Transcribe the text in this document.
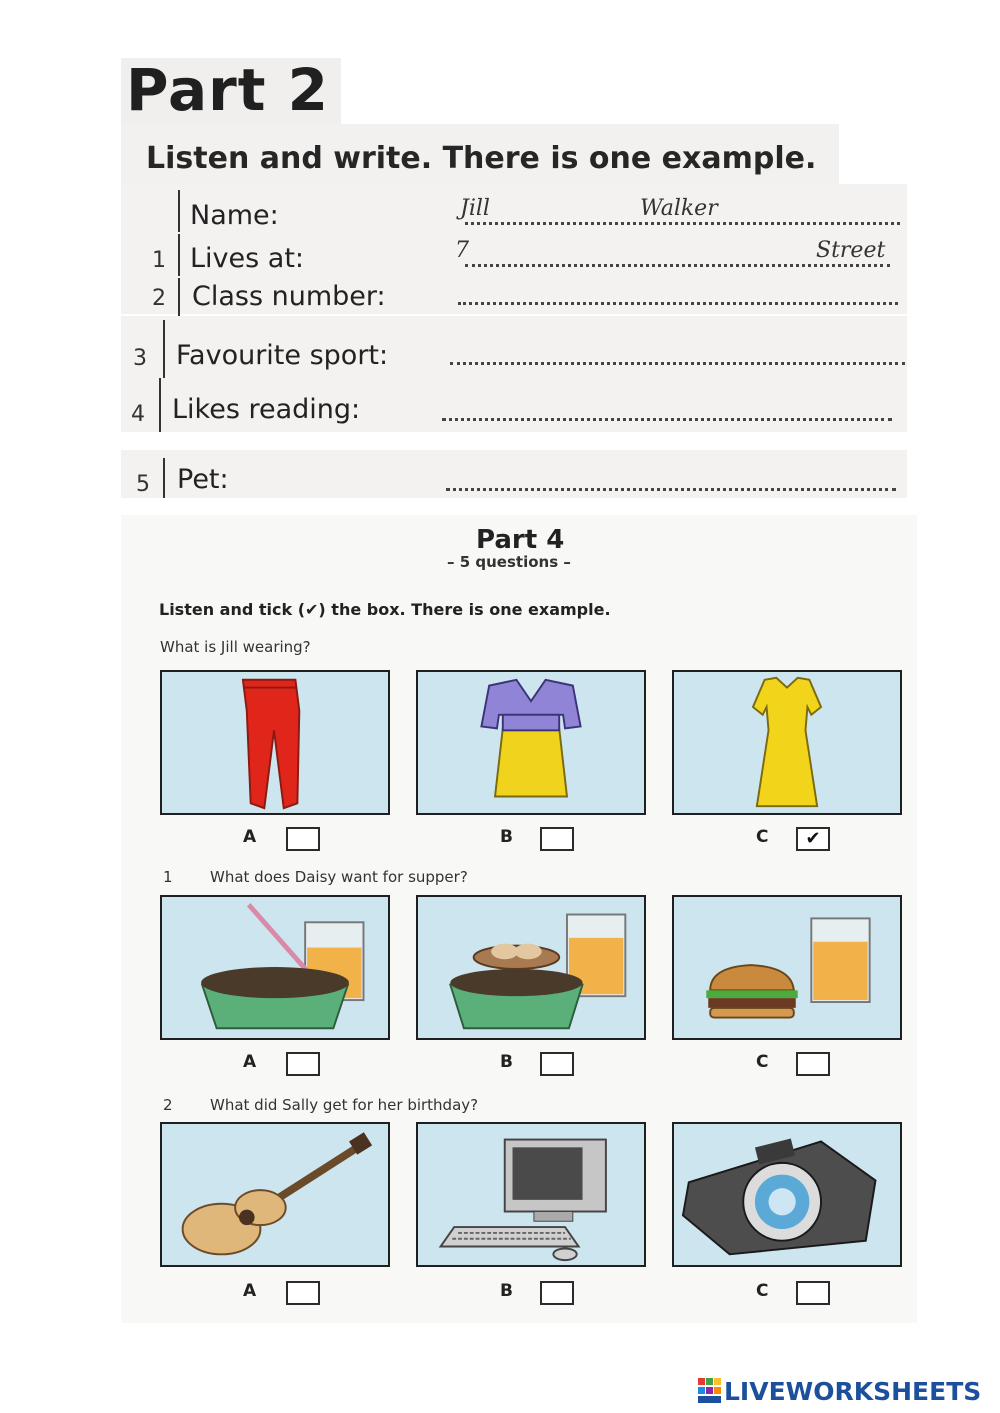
Part 2
Listen and write. There is one example.
Name:	Jill	Walker
1 Lives at:	7	Street
2 Class number:
3 Favourite sport:
4 Likes reading:
5 Pet:
Part 4
– 5 questions –
Listen and tick (✔) the box. There is one example.
What is Jill wearing?
A	B	C	✔
1 What does Daisy want for supper?
A	B	C
2 What did Sally get for her birthday?
A	B	C
LIVEWORKSHEETS
